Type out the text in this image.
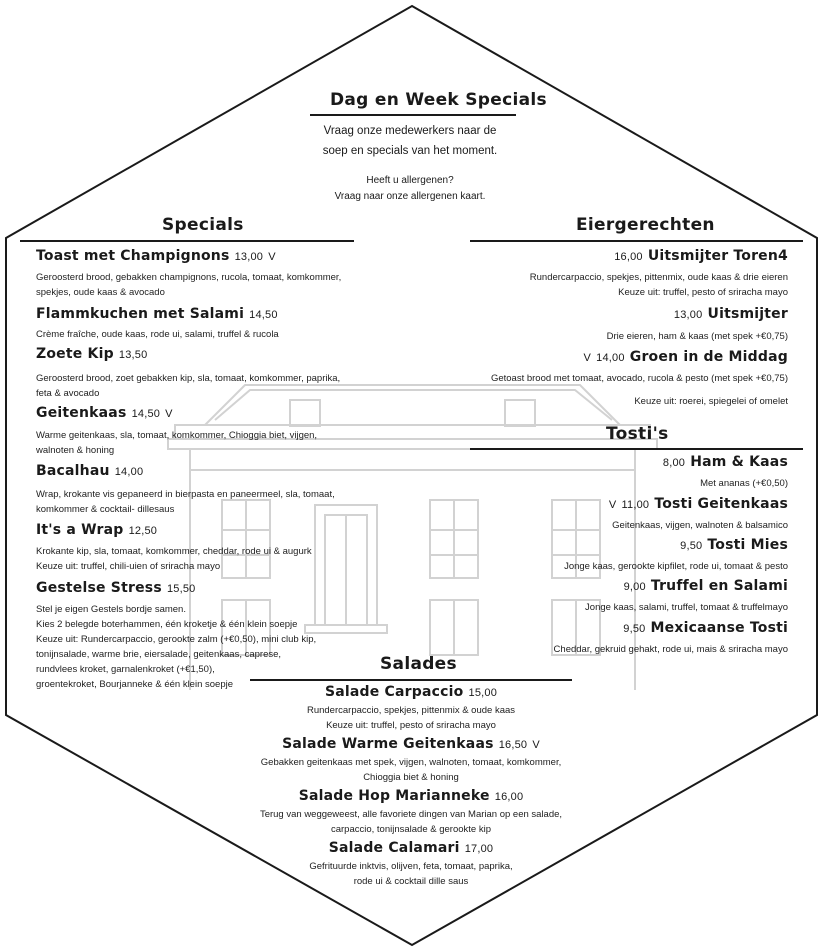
Dag en Week Specials
Vraag onze medewerkers naar de
soep en specials van het moment.
Heeft u allergenen?
Vraag naar onze allergenen kaart.
Specials
Toast met Champignons 13,00 V
Geroosterd brood, gebakken champignons, rucola, tomaat, komkommer,
spekjes, oude kaas & avocado
Flammkuchen met Salami 14,50
Crème fraîche, oude kaas, rode ui, salami, truffel & rucola
Zoete Kip 13,50
Geroosterd brood, zoet gebakken kip, sla, tomaat, komkommer, paprika,
feta & avocado
Geitenkaas 14,50 V
Warme geitenkaas, sla, tomaat, komkommer, Chioggia biet, vijgen,
walnoten & honing
Bacalhau 14,00
Wrap, krokante vis gepaneerd in bierpasta en paneermeel, sla, tomaat,
komkommer & cocktail- dillesaus
It's a Wrap 12,50
Krokante kip, sla, tomaat, komkommer, cheddar, rode ui & augurk
Keuze uit: truffel, chili-uien of sriracha mayo
Gestelse Stress 15,50
Stel je eigen Gestels bordje samen.
Kies 2 belegde boterhammen, één kroketje & één klein soepje
Keuze uit: Rundercarpaccio, gerookte zalm (+€0,50), mini club kip,
tonijnsalade, warme brie, eiersalade, geitenkaas, caprese,
rundvlees kroket, garnalenkroket (+€1,50),
groentekroket, Bourjanneke & één klein soepje
Eiergerechten
16,00 Uitsmijter Toren4
Rundercarpaccio, spekjes, pittenmix, oude kaas & drie eieren
Keuze uit: truffel, pesto of sriracha mayo
13,00 Uitsmijter
Drie eieren, ham & kaas (met spek +€0,75)
V 14,00 Groen in de Middag
Getoast brood met tomaat, avocado, rucola & pesto (met spek +€0,75)
Keuze uit: roerei, spiegelei of omelet
Tosti's
8,00 Ham & Kaas
Met ananas (+€0,50)
V 11,00 Tosti Geitenkaas
Geitenkaas, vijgen, walnoten & balsamico
9,50 Tosti Mies
Jonge kaas, gerookte kipfilet, rode ui, tomaat & pesto
9,00 Truffel en Salami
Jonge kaas, salami, truffel, tomaat & truffelmayo
9,50 Mexicaanse Tosti
Cheddar, gekruid gehakt, rode ui, mais & sriracha mayo
Salades
Salade Carpaccio 15,00
Rundercarpaccio, spekjes, pittenmix & oude kaas
Keuze uit: truffel, pesto of sriracha mayo
Salade Warme Geitenkaas 16,50 V
Gebakken geitenkaas met spek, vijgen, walnoten, tomaat, komkommer,
Chioggia biet & honing
Salade Hop Marianneke 16,00
Terug van weggeweest, alle favoriete dingen van Marian op een salade,
carpaccio, tonijnsalade & gerookte kip
Salade Calamari 17,00
Gefrituurde inktvis, olijven, feta, tomaat, paprika,
rode ui & cocktail dille saus
